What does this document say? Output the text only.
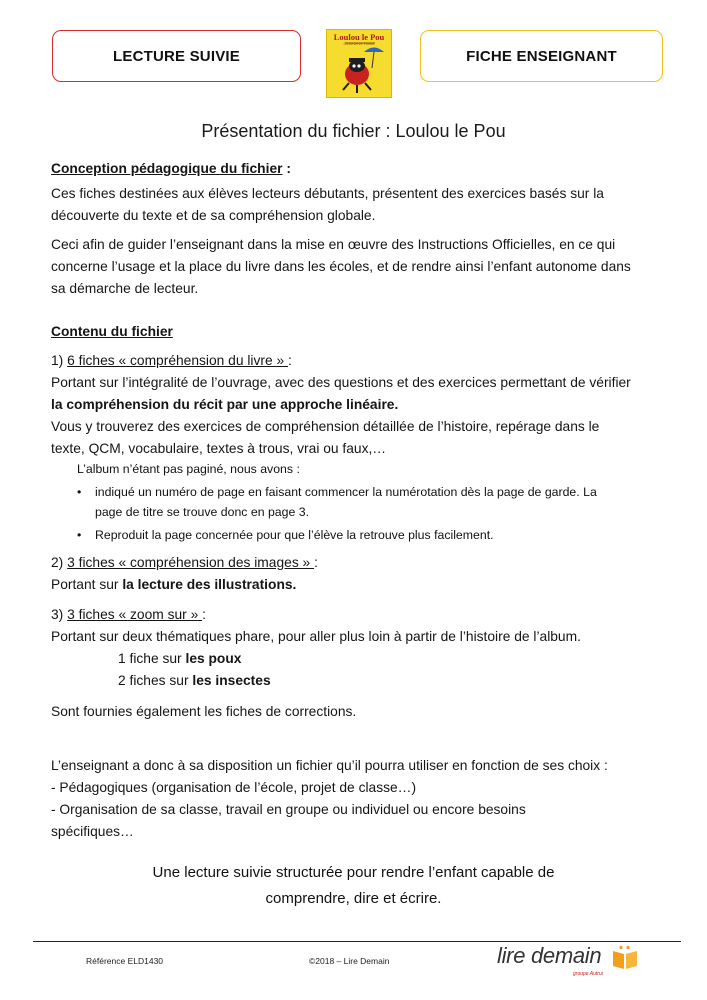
LECTURE SUIVIE
Loulou le Pou
Geneviève Huriet
FICHE ENSEIGNANT
Présentation du fichier : Loulou le Pou
Conception pédagogique du fichier :
Ces fiches destinées aux élèves lecteurs débutants, présentent des exercices basés sur la
découverte du texte et de sa compréhension globale.
Ceci afin de guider l’enseignant dans la mise en œuvre des Instructions Officielles, en ce qui
concerne l’usage et la place du livre dans les écoles, et de rendre ainsi l’enfant autonome dans
sa démarche de lecteur.
Contenu du fichier
1) 6 fiches « compréhension du livre » :
Portant sur l’intégralité de l’ouvrage, avec des questions et des exercices permettant de vérifier
la compréhension du récit par une approche linéaire.
Vous y trouverez des exercices de compréhension détaillée de l’histoire, repérage dans le
texte, QCM, vocabulaire, textes à trous, vrai ou faux,…
L’album n’étant pas paginé, nous avons :
• indiqué un numéro de page en faisant commencer la numérotation dès la page de garde. La
page de titre se trouve donc en page 3.
• Reproduit la page concernée pour que l’élève la retrouve plus facilement.
2) 3 fiches « compréhension des images » :
Portant sur la lecture des illustrations.
3) 3 fiches « zoom sur » :
Portant sur deux thématiques phare, pour aller plus loin à partir de l’histoire de l’album.
1 fiche sur les poux
2 fiches sur les insectes
Sont fournies également les fiches de corrections.
L’enseignant a donc à sa disposition un fichier qu’il pourra utiliser en fonction de ses choix :
- Pédagogiques (organisation de l’école, projet de classe…)
- Organisation de sa classe, travail en groupe ou individuel ou encore besoins
spécifiques…
Une lecture suivie structurée pour rendre l’enfant capable de
comprendre, dire et écrire.
Référence ELD1430	©2018 – Lire Demain	lire demain
groupe Autrui
